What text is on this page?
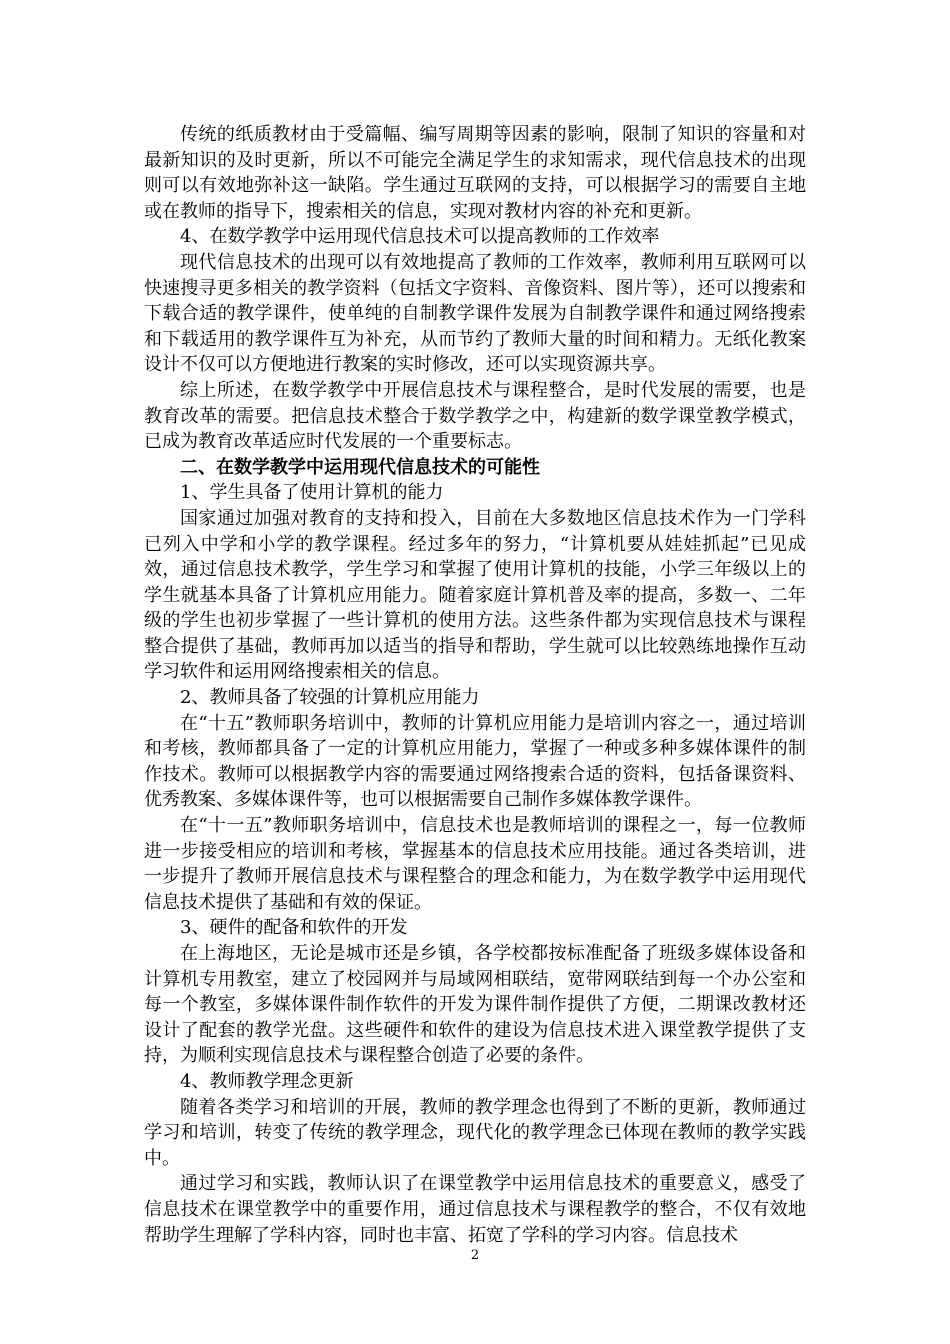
传统的纸质教材由于受篇幅、编写周期等因素的影响，限制了知识的容量和对最新知识的及时更新，所以不可能完全满足学生的求知需求，现代信息技术的出现则可以有效地弥补这一缺陷。学生通过互联网的支持，可以根据学习的需要自主地或在教师的指导下，搜索相关的信息，实现对教材内容的补充和更新。

4、在数学教学中运用现代信息技术可以提高教师的工作效率

现代信息技术的出现可以有效地提高了教师的工作效率，教师利用互联网可以快速搜寻更多相关的教学资料（包括文字资料、音像资料、图片等），还可以搜索和下载合适的教学课件，使单纯的自制教学课件发展为自制教学课件和通过网络搜索和下载适用的教学课件互为补充，从而节约了教师大量的时间和精力。无纸化教案设计不仅可以方便地进行教案的实时修改，还可以实现资源共享。

综上所述，在数学教学中开展信息技术与课程整合，是时代发展的需要，也是教育改革的需要。把信息技术整合于数学教学之中，构建新的数学课堂教学模式，已成为教育改革适应时代发展的一个重要标志。

二、在数学教学中运用现代信息技术的可能性

1、学生具备了使用计算机的能力

国家通过加强对教育的支持和投入，目前在大多数地区信息技术作为一门学科已列入中学和小学的教学课程。经过多年的努力，“计算机要从娃娃抓起”已见成效，通过信息技术教学，学生学习和掌握了使用计算机的技能，小学三年级以上的学生就基本具备了计算机应用能力。随着家庭计算机普及率的提高，多数一、二年级的学生也初步掌握了一些计算机的使用方法。这些条件都为实现信息技术与课程整合提供了基础，教师再加以适当的指导和帮助，学生就可以比较熟练地操作互动学习软件和运用网络搜索相关的信息。

2、教师具备了较强的计算机应用能力

在“十五”教师职务培训中，教师的计算机应用能力是培训内容之一，通过培训和考核，教师都具备了一定的计算机应用能力，掌握了一种或多种多媒体课件的制作技术。教师可以根据教学内容的需要通过网络搜索合适的资料，包括备课资料、优秀教案、多媒体课件等，也可以根据需要自己制作多媒体教学课件。

在“十一五”教师职务培训中，信息技术也是教师培训的课程之一，每一位教师进一步接受相应的培训和考核，掌握基本的信息技术应用技能。通过各类培训，进一步提升了教师开展信息技术与课程整合的理念和能力，为在数学教学中运用现代信息技术提供了基础和有效的保证。

3、硬件的配备和软件的开发

在上海地区，无论是城市还是乡镇，各学校都按标准配备了班级多媒体设备和计算机专用教室，建立了校园网并与局域网相联结，宽带网联结到每一个办公室和每一个教室，多媒体课件制作软件的开发为课件制作提供了方便，二期课改教材还设计了配套的教学光盘。这些硬件和软件的建设为信息技术进入课堂教学提供了支持，为顺利实现信息技术与课程整合创造了必要的条件。

4、教师教学理念更新

随着各类学习和培训的开展，教师的教学理念也得到了不断的更新，教师通过学习和培训，转变了传统的教学理念，现代化的教学理念已体现在教师的教学实践中。

通过学习和实践，教师认识了在课堂教学中运用信息技术的重要意义，感受了信息技术在课堂教学中的重要作用，通过信息技术与课程教学的整合，不仅有效地帮助学生理解了学科内容，同时也丰富、拓宽了学科的学习内容。信息技术

2
